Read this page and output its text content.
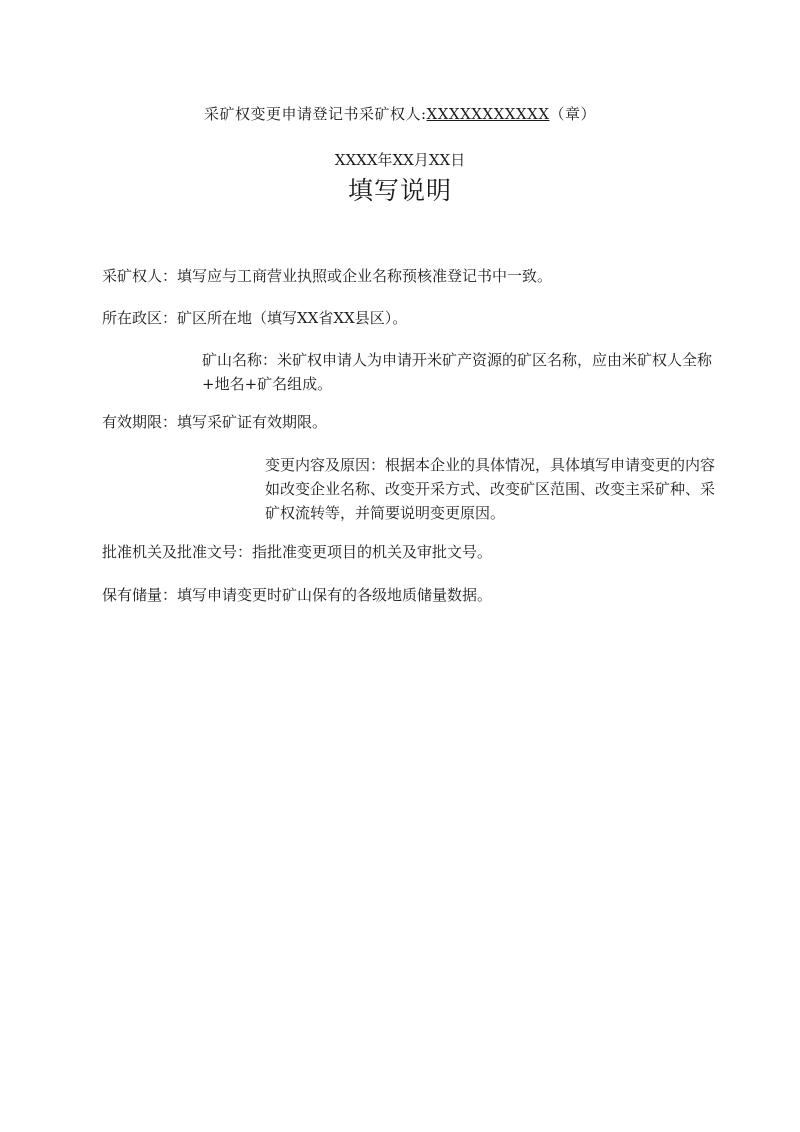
采矿权变更申请登记书采矿权人:XXXXXXXXXXX（章）
XXXX年XX月XX日
填写说明

采矿权人：填写应与工商营业执照或企业名称预核准登记书中一致。

所在政区：矿区所在地（填写XX省XX县区）。

矿山名称：米矿权申请人为申请开米矿产资源的矿区名称，应由米矿权人全称+地名+矿名组成。

有效期限：填写采矿证有效期限。

变更内容及原因：根据本企业的具体情况，具体填写申请变更的内容如改变企业名称、改变开采方式、改变矿区范围、改变主采矿种、采矿权流转等，并简要说明变更原因。

批准机关及批准文号：指批准变更项目的机关及审批文号。

保有储量：填写申请变更时矿山保有的各级地质储量数据。
